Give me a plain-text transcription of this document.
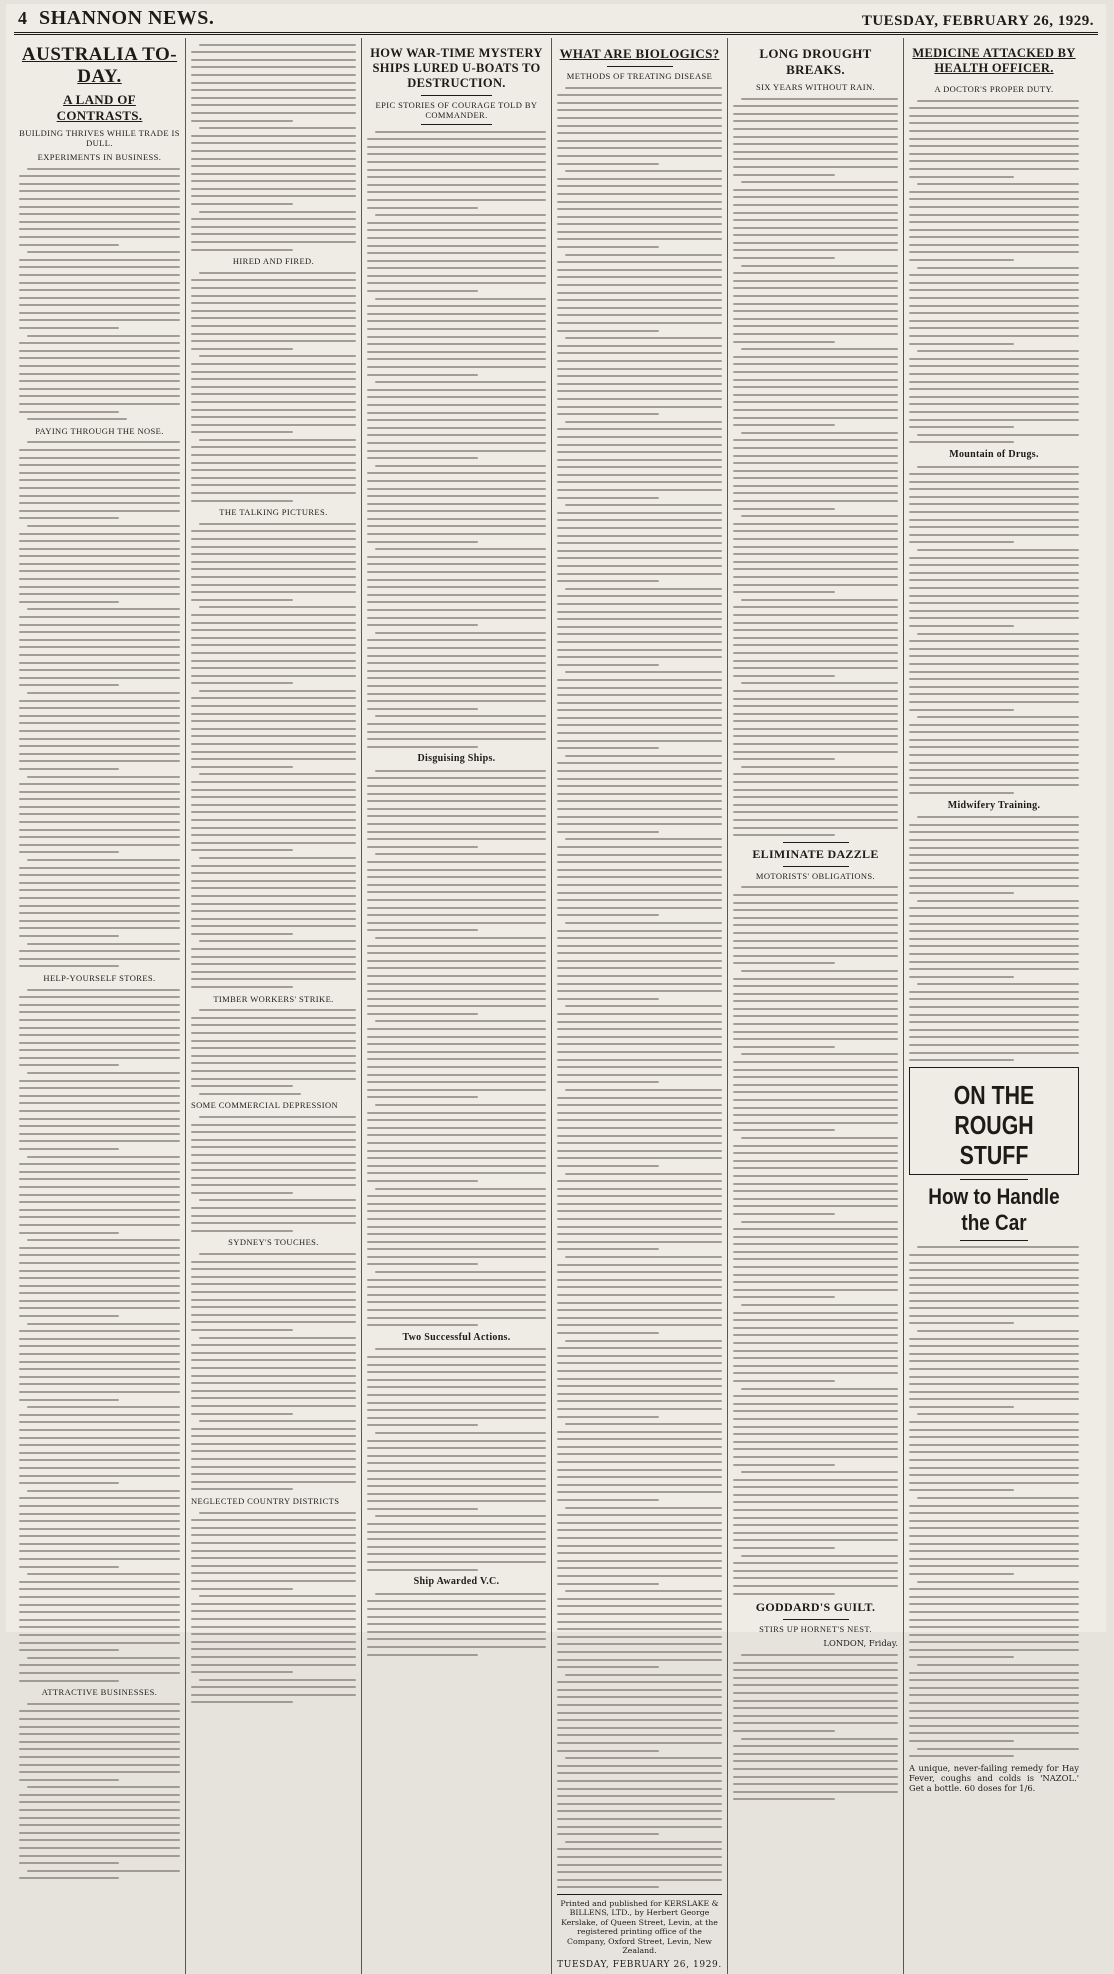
4 SHANNON NEWS.	TUESDAY, FEBRUARY 26, 1929.
AUSTRALIA TO-DAY.
A LAND OF CONTRASTS.
BUILDING THRIVES WHILE TRADE IS DULL.
EXPERIMENTS IN BUSINESS.
PAYING THROUGH THE NOSE.
HELP-YOURSELF STORES.
ATTRACTIVE BUSINESSES.
HIRED AND FIRED.
THE TALKING PICTURES.
TIMBER WORKERS' STRIKE.
SOME COMMERCIAL DEPRESSION
SYDNEY'S TOUCHES.
NEGLECTED COUNTRY DISTRICTS
HOW WAR-TIME MYSTERY SHIPS LURED U-BOATS TO DESTRUCTION.
EPIC STORIES OF COURAGE TOLD BY COMMANDER.
Disguising Ships.
Two Successful Actions.
Ship Awarded V.C.
WHAT ARE BIOLOGICS?
METHODS OF TREATING DISEASE
Printed and published for KERSLAKE & BILLENS, LTD., by Herbert George Kerslake, of Queen Street, Levin, at the registered printing office of the Company, Oxford Street, Levin, New Zealand.
TUESDAY, FEBRUARY 26, 1929.
LONG DROUGHT BREAKS.
SIX YEARS WITHOUT RAIN.
ELIMINATE DAZZLE
MOTORISTS' OBLIGATIONS.
GODDARD'S GUILT.
STIRS UP HORNET'S NEST.
LONDON, Friday.
MEDICINE ATTACKED BY HEALTH OFFICER.
A DOCTOR'S PROPER DUTY.
Mountain of Drugs.
Midwifery Training.
ON THE ROUGH STUFF
How to Handle the Car
A unique, never-failing remedy for Hay Fever, coughs and colds is 'NAZOL.' Get a bottle. 60 doses for 1/6.
